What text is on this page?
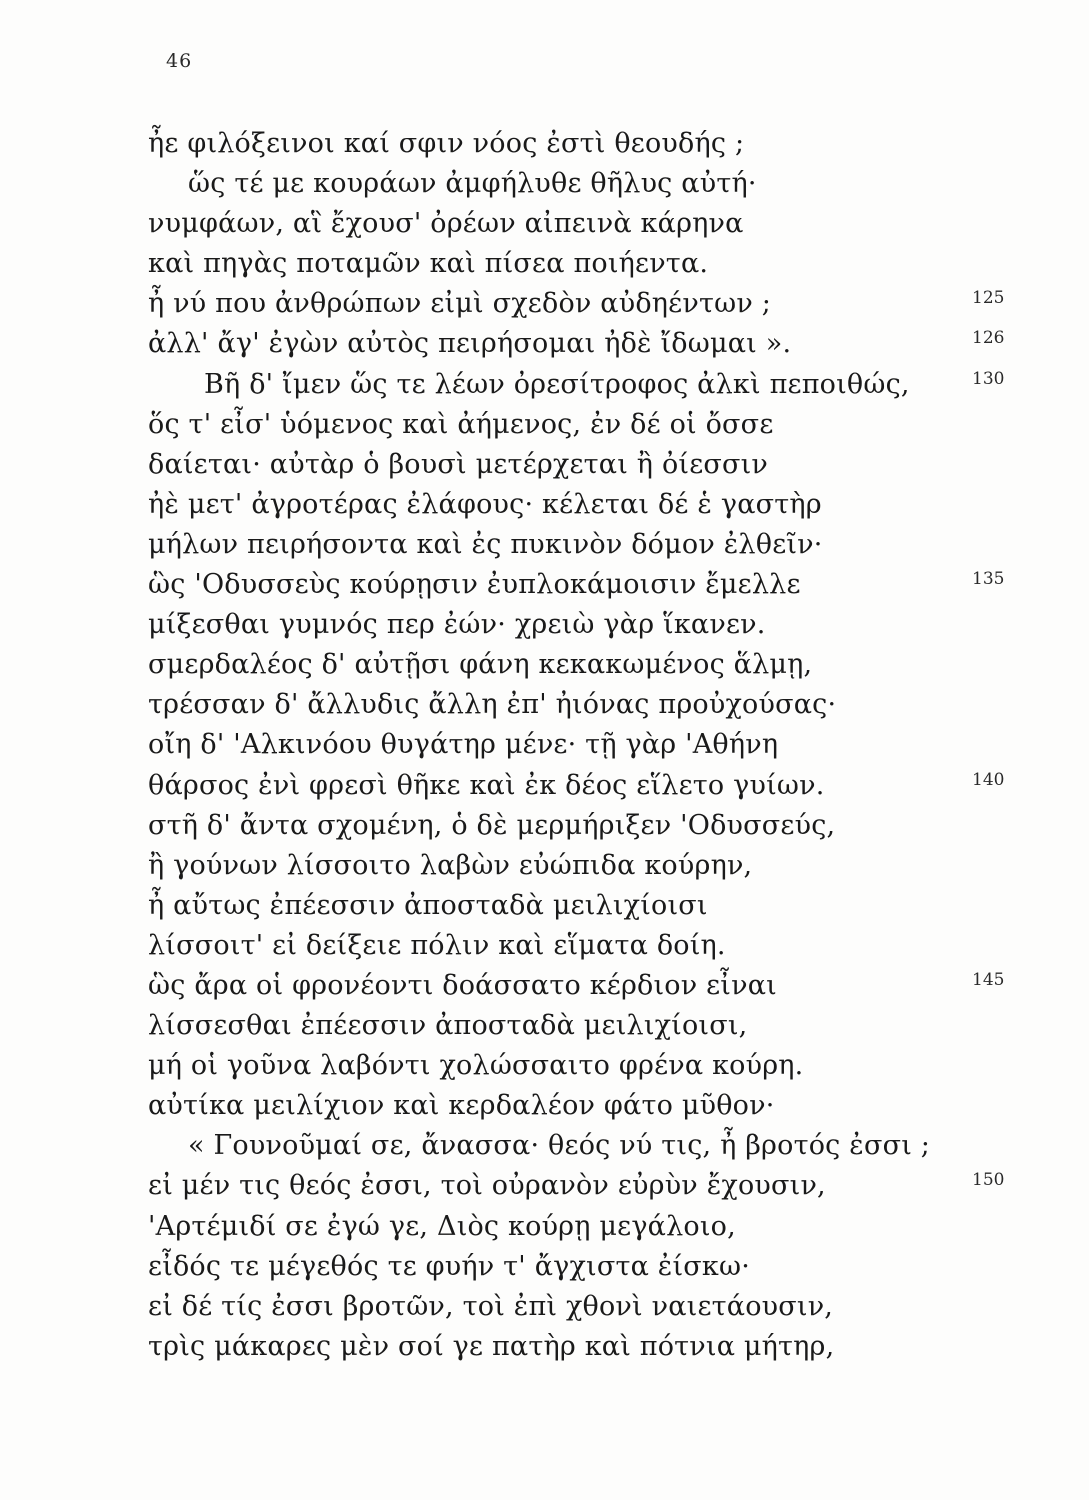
46
ἦε φιλόξεινοι καί σφιν νόος ἐστὶ θεουδής ;
ὥς τέ με κουράων ἀμφήλυθε θῆλυς αὐτή·
νυμφάων, αἳ ἔχουσ' ὀρέων αἰπεινὰ κάρηνα
καὶ πηγὰς ποταμῶν καὶ πίσεα ποιήεντα.
ἦ νύ που ἀνθρώπων εἰμὶ σχεδὸν αὐδηέντων ;	125
ἀλλ' ἄγ' ἐγὼν αὐτὸς πειρήσομαι ἠδὲ ἴδωμαι ».	126
Βῆ δ' ἴμεν ὥς τε λέων ὀρεσίτροφος ἀλκὶ πεποιθώς,	130
ὅς τ' εἶσ' ὑόμενος καὶ ἀήμενος, ἐν δέ οἱ ὄσσε
δαίεται· αὐτὰρ ὁ βουσὶ μετέρχεται ἢ ὀίεσσιν
ἠὲ μετ' ἀγροτέρας ἐλάφους· κέλεται δέ ἑ γαστὴρ
μήλων πειρήσοντα καὶ ἐς πυκινὸν δόμον ἐλθεῖν·
ὣς 'Οδυσσεὺς κούρῃσιν ἐυπλοκάμοισιν ἔμελλε	135
μίξεσθαι γυμνός περ ἐών· χρειὼ γὰρ ἵκανεν.
σμερδαλέος δ' αὐτῇσι φάνη κεκακωμένος ἅλμῃ,
τρέσσαν δ' ἄλλυδις ἄλλη ἐπ' ἠιόνας προὐχούσας·
οἴη δ' 'Αλκινόου θυγάτηρ μένε· τῇ γὰρ 'Αθήνη
θάρσος ἐνὶ φρεσὶ θῆκε καὶ ἐκ δέος εἵλετο γυίων.	140
στῆ δ' ἄντα σχομένη, ὁ δὲ μερμήριξεν 'Οδυσσεύς,
ἢ γούνων λίσσοιτο λαβὼν εὐώπιδα κούρην,
ἦ αὔτως ἐπέεσσιν ἀποσταδὰ μειλιχίοισι
λίσσοιτ' εἰ δείξειε πόλιν καὶ εἵματα δοίη.
ὣς ἄρα οἱ φρονέοντι δοάσσατο κέρδιον εἶναι	145
λίσσεσθαι ἐπέεσσιν ἀποσταδὰ μειλιχίοισι,
μή οἱ γοῦνα λαβόντι χολώσσαιτο φρένα κούρη.
αὐτίκα μειλίχιον καὶ κερδαλέον φάτο μῦθον·
« Γουνοῦμαί σε, ἄνασσα· θεός νύ τις, ἦ βροτός ἐσσι ;
εἰ μέν τις θεός ἐσσι, τοὶ οὐρανὸν εὐρὺν ἔχουσιν,	150
'Αρτέμιδί σε ἐγώ γε, Διὸς κούρῃ μεγάλοιο,
εἶδός τε μέγεθός τε φυήν τ' ἄγχιστα ἐίσκω·
εἰ δέ τίς ἐσσι βροτῶν, τοὶ ἐπὶ χθονὶ ναιετάουσιν,
τρὶς μάκαρες μὲν σοί γε πατὴρ καὶ πότνια μήτηρ,
